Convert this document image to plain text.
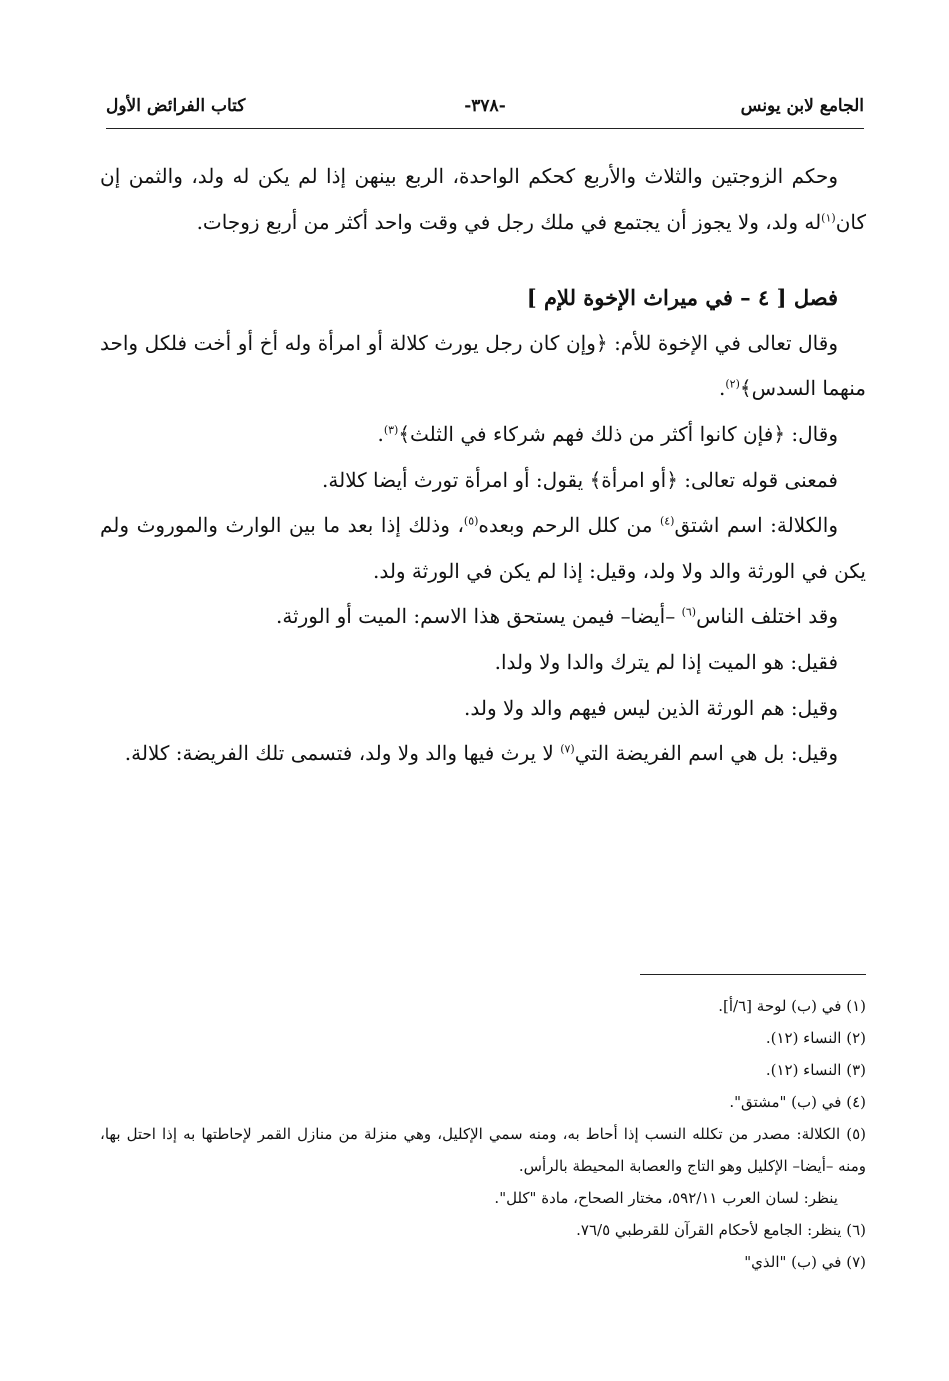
الجامع لابن يونس
-٣٧٨-
كتاب الفرائض الأول

وحكم الزوجتين والثلاث والأربع كحكم الواحدة، الربع بينهن إذا لم يكن له ولد، والثمن إن كان$^{(١)}$له ولد، ولا يجوز أن يجتمع في ملك رجل في وقت واحد أكثر من أربع زوجات.

فصل [ ٤ – في ميراث الإخوة للإم ]

وقال تعالى في الإخوة للأم: ﴿وإن كان رجل يورث كلالة أو امرأة وله أخ أو أخت فلكل واحد منهما السدس﴾$^{(٢)}$.

وقال: ﴿فإن كانوا أكثر من ذلك فهم شركاء في الثلث﴾$^{(٣)}$.

فمعنى قوله تعالى: ﴿أو امرأة﴾ يقول: أو امرأة تورث أيضا كلالة.

والكلالة: اسم اشتق$^{(٤)}$ من كلل الرحم وبعده$^{(٥)}$، وذلك إذا بعد ما بين الوارث والموروث ولم يكن في الورثة والد ولا ولد، وقيل: إذا لم يكن في الورثة ولد.

وقد اختلف الناس$^{(٦)}$ –أيضا– فيمن يستحق هذا الاسم: الميت أو الورثة.

فقيل: هو الميت إذا لم يترك والدا ولا ولدا.

وقيل: هم الورثة الذين ليس فيهم والد ولا ولد.

وقيل: بل هي اسم الفريضة التي$^{(٧)}$ لا يرث فيها والد ولا ولد، فتسمى تلك الفريضة: كلالة.

(١) في (ب) لوحة [٦/أ].

(٢) النساء (١٢).

(٣) النساء (١٢).

(٤) في (ب) "مشتق".

(٥) الكلالة: مصدر من تكلله النسب إذا أحاط به، ومنه سمي الإكليل، وهي منزلة من منازل القمر لإحاطتها به إذا احتل بها، ومنه –أيضا– الإكليل وهو التاج والعصابة المحيطة بالرأس.

ينظر: لسان العرب ٥٩٢/١١، مختار الصحاح، مادة "كلل".

(٦) ينظر: الجامع لأحكام القرآن للقرطبي ٧٦/٥.

(٧) في (ب) "الذي"
